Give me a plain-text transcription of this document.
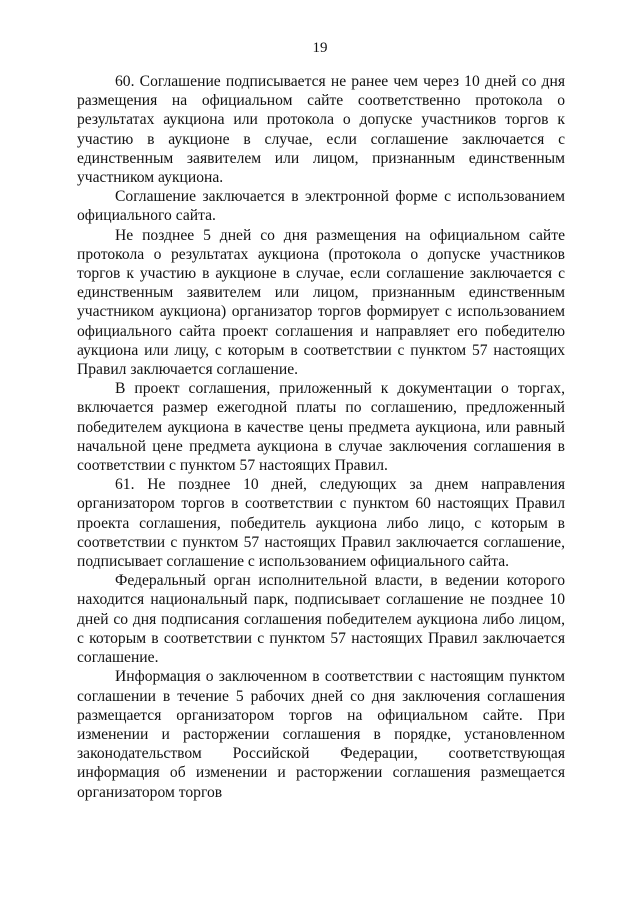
19

60. Соглашение подписывается не ранее чем через 10 дней со дня размещения на официальном сайте соответственно протокола о результатах аукциона или протокола о допуске участников торгов к участию в аукционе в случае, если соглашение заключается с единственным заявителем или лицом, признанным единственным участником аукциона.

Соглашение заключается в электронной форме с использованием официального сайта.

Не позднее 5 дней со дня размещения на официальном сайте протокола о результатах аукциона (протокола о допуске участников торгов к участию в аукционе в случае, если соглашение заключается с единственным заявителем или лицом, признанным единственным участником аукциона) организатор торгов формирует с использованием официального сайта проект соглашения и направляет его победителю аукциона или лицу, с которым в соответствии с пунктом 57 настоящих Правил заключается соглашение.

В проект соглашения, приложенный к документации о торгах, включается размер ежегодной платы по соглашению, предложенный победителем аукциона в качестве цены предмета аукциона, или равный начальной цене предмета аукциона в случае заключения соглашения в соответствии с пунктом 57 настоящих Правил.

61. Не позднее 10 дней, следующих за днем направления организатором торгов в соответствии с пунктом 60 настоящих Правил проекта соглашения, победитель аукциона либо лицо, с которым в соответствии с пунктом 57 настоящих Правил заключается соглашение, подписывает соглашение с использованием официального сайта.

Федеральный орган исполнительной власти, в ведении которого находится национальный парк, подписывает соглашение не позднее 10 дней со дня подписания соглашения победителем аукциона либо лицом, с которым в соответствии с пунктом 57 настоящих Правил заключается соглашение.

Информация о заключенном в соответствии с настоящим пунктом соглашении в течение 5 рабочих дней со дня заключения соглашения размещается организатором торгов на официальном сайте. При изменении и расторжении соглашения в порядке, установленном законодательством Российской Федерации, соответствующая информация об изменении и расторжении соглашения размещается организатором торгов
